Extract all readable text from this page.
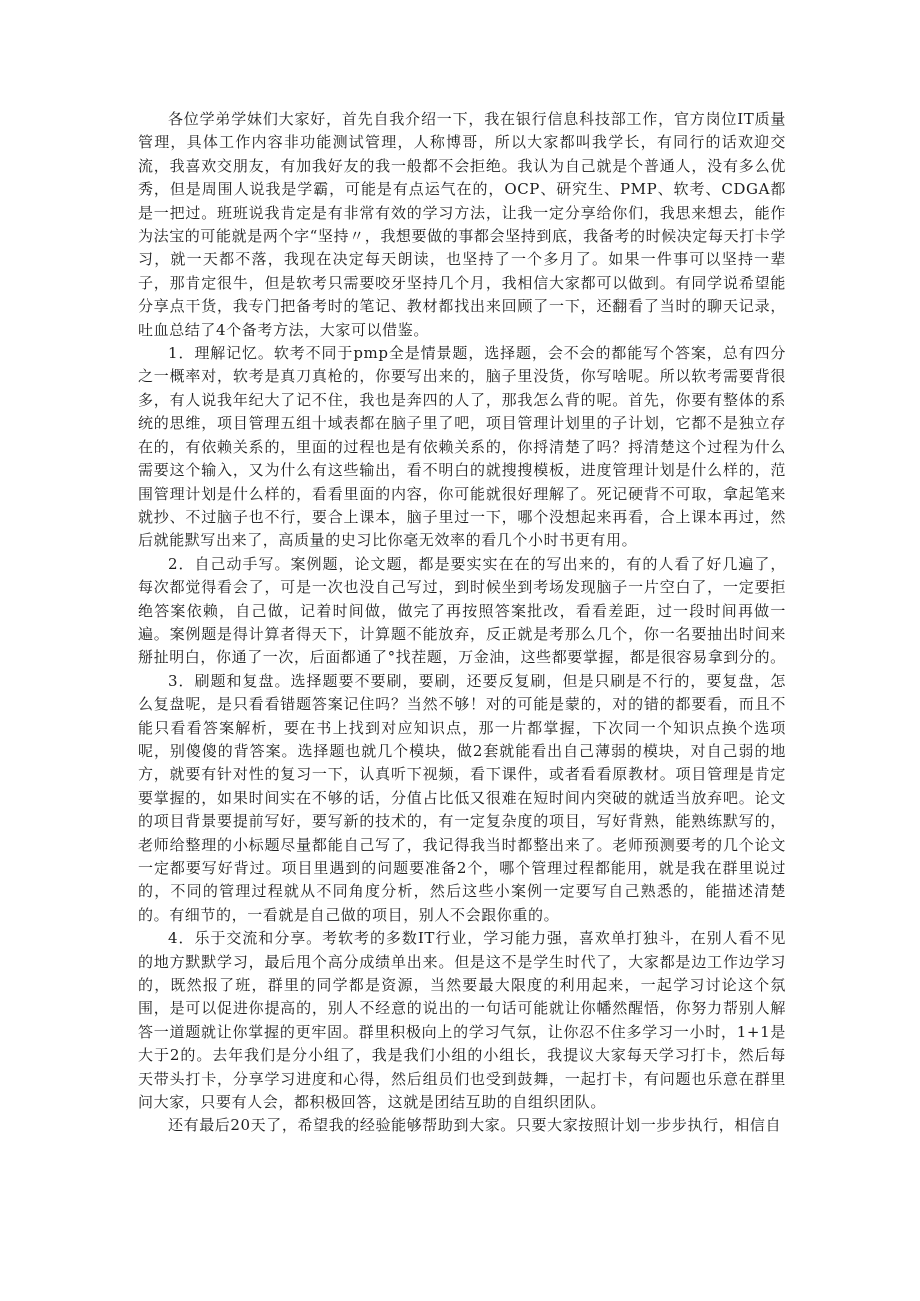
各位学弟学妹们大家好，首先自我介绍一下，我在银行信息科技部工作，官方岗位IT质量管理，具体工作内容非功能测试管理，人称博哥，所以大家都叫我学长，有同行的话欢迎交流，我喜欢交朋友，有加我好友的我一般都不会拒绝。我认为自己就是个普通人，没有多么优秀，但是周围人说我是学霸，可能是有点运气在的，OCP、研究生、PMP、软考、CDGA都是一把过。班班说我肯定是有非常有效的学习方法，让我一定分享给你们，我思来想去，能作为法宝的可能就是两个字“坚持〃，我想要做的事都会坚持到底，我备考的时候决定每天打卡学习，就一天都不落，我现在决定每天朗读，也坚持了一个多月了。如果一件事可以坚持一辈子，那肯定很牛，但是软考只需要咬牙坚持几个月，我相信大家都可以做到。有同学说希望能分享点干货，我专门把备考时的笔记、教材都找出来回顾了一下，还翻看了当时的聊天记录，吐血总结了4个备考方法，大家可以借鉴。

1．理解记忆。软考不同于pmp全是情景题，选择题，会不会的都能写个答案，总有四分之一概率对，软考是真刀真枪的，你要写出来的，脑子里没货，你写啥呢。所以软考需要背很多，有人说我年纪大了记不住，我也是奔四的人了，那我怎么背的呢。首先，你要有整体的系统的思维，项目管理五组十域表都在脑子里了吧，项目管理计划里的子计划，它都不是独立存在的，有依赖关系的，里面的过程也是有依赖关系的，你捋清楚了吗？捋清楚这个过程为什么需要这个输入，又为什么有这些输出，看不明白的就搜搜模板，进度管理计划是什么样的，范围管理计划是什么样的，看看里面的内容，你可能就很好理解了。死记硬背不可取，拿起笔来就抄、不过脑子也不行，要合上课本，脑子里过一下，哪个没想起来再看，合上课本再过，然后就能默写出来了，高质量的史习比你毫无效率的看几个小时书更有用。

2．自己动手写。案例题，论文题，都是要实实在在的写出来的，有的人看了好几遍了，每次都觉得看会了，可是一次也没自己写过，到时候坐到考场发现脑子一片空白了，一定要拒绝答案依赖，自己做，记着时间做，做完了再按照答案批改，看看差距，过一段时间再做一遍。案例题是得计算者得天下，计算题不能放弃，反正就是考那么几个，你一名要抽出时间来掰扯明白，你通了一次，后面都通了°找茬题，万金油，这些都要掌握，都是很容易拿到分的。

3．刷题和复盘。选择题要不要刷，要刷，还要反复刷，但是只刷是不行的，要复盘，怎么复盘呢，是只看看错题答案记住吗？当然不够！对的可能是蒙的，对的错的都要看，而且不能只看看答案解析，要在书上找到对应知识点，那一片都掌握，下次同一个知识点换个选项呢，别傻傻的背答案。选择题也就几个模块，做2套就能看出自己薄弱的模块，对自己弱的地方，就要有针对性的复习一下，认真听下视频，看下课件，或者看看原教材。项目管理是肯定要掌握的，如果时间实在不够的话，分值占比低又很难在短时间内突破的就适当放弃吧。论文的项目背景要提前写好，要写新的技术的，有一定复杂度的项目，写好背熟，能熟练默写的，老师给整理的小标题尽量都能自己写了，我记得我当时都整出来了。老师预测要考的几个论文一定都要写好背过。项目里遇到的问题要准备2个，哪个管理过程都能用，就是我在群里说过的，不同的管理过程就从不同角度分析，然后这些小案例一定要写自己熟悉的，能描述清楚的。有细节的，一看就是自己做的项目，别人不会跟你重的。

4．乐于交流和分享。考软考的多数IT行业，学习能力强，喜欢单打独斗，在别人看不见的地方默默学习，最后甩个高分成绩单出来。但是这不是学生时代了，大家都是边工作边学习的，既然报了班，群里的同学都是资源，当然要最大限度的利用起来，一起学习讨论这个氛围，是可以促进你提高的，别人不经意的说出的一句话可能就让你幡然醒悟，你努力帮别人解答一道题就让你掌握的更牢固。群里积极向上的学习气氛，让你忍不住多学习一小时，1+1是大于2的。去年我们是分小组了，我是我们小组的小组长，我提议大家每天学习打卡，然后每天带头打卡，分享学习进度和心得，然后组员们也受到鼓舞，一起打卡，有问题也乐意在群里问大家，只要有人会，都积极回答，这就是团结互助的自组织团队。

还有最后20天了，希望我的经验能够帮助到大家。只要大家按照计划一步步执行，相信自
